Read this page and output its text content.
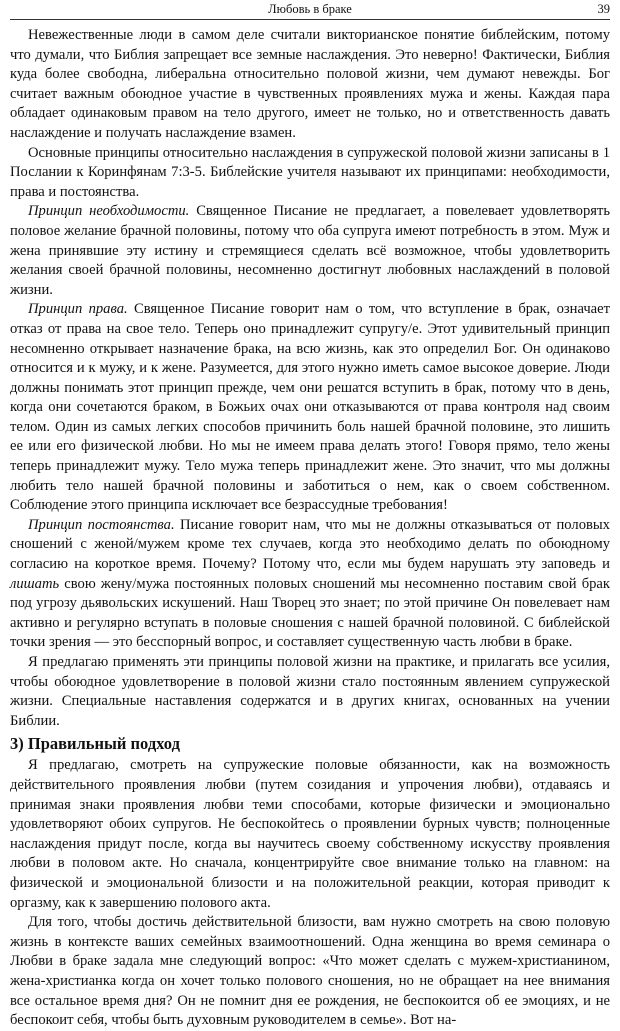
Любовь в браке	39

Невежественные люди в самом деле считали викторианское понятие библейским, потому что думали, что Библия запрещает все земные наслаждения. Это неверно! Фактически, Библия куда более свободна, либеральна относительно половой жизни, чем думают невежды. Бог считает важным обоюдное участие в чувственных проявлениях мужа и жены. Каждая пара обладает одинаковым правом на тело другого, имеет не только, но и ответственность давать наслаждение и получать наслаждение взамен.

Основные принципы относительно наслаждения в супружеской половой жизни записаны в 1 Послании к Коринфянам 7:3-5. Библейские учителя называют их принципами: необходимости, права и постоянства.

Принцип необходимости. Священное Писание не предлагает, а повелевает удовлетворять половое желание брачной половины, потому что оба супруга имеют потребность в этом. Муж и жена принявшие эту истину и стремящиеся сделать всё возможное, чтобы удовлетворить желания своей брачной половины, несомненно достигнут любовных наслаждений в половой жизни.

Принцип права. Священное Писание говорит нам о том, что вступление в брак, означает отказ от права на свое тело. Теперь оно принадлежит супругу/е. Этот удивительный принцип несомненно открывает назначение брака, на всю жизнь, как это определил Бог. Он одинаково относится и к мужу, и к жене. Разумеется, для этого нужно иметь самое высокое доверие. Люди должны понимать этот принцип прежде, чем они решатся вступить в брак, потому что в день, когда они сочетаются браком, в Божьих очах они отказываются от права контроля над своим телом. Один из самых легких способов причинить боль нашей брачной половине, это лишить ее или его физической любви. Но мы не имеем права делать этого! Говоря прямо, тело жены теперь принадлежит мужу. Тело мужа теперь принадлежит жене. Это значит, что мы должны любить тело нашей брачной половины и заботиться о нем, как о своем собственном. Соблюдение этого принципа исключает все безрассудные требования!

Принцип постоянства. Писание говорит нам, что мы не должны отказываться от половых сношений с женой/мужем кроме тех случаев, когда это необходимо делать по обоюдному согласию на короткое время. Почему? Потому что, если мы будем нарушать эту заповедь и лишать свою жену/мужа постоянных половых сношений мы несомненно поставим свой брак под угрозу дьявольских искушений. Наш Творец это знает; по этой причине Он повелевает нам активно и регулярно вступать в половые сношения с нашей брачной половиной. С библейской точки зрения — это бесспорный вопрос, и составляет существенную часть любви в браке.

Я предлагаю применять эти принципы половой жизни на практике, и прилагать все усилия, чтобы обоюдное удовлетворение в половой жизни стало постоянным явлением супружеской жизни. Специальные наставления содержатся и в других книгах, основанных на учении Библии.

3) Правильный подход

Я предлагаю, смотреть на супружеские половые обязанности, как на возможность действительного проявления любви (путем созидания и упрочения любви), отдаваясь и принимая знаки проявления любви теми способами, которые физически и эмоционально удовлетворяют обоих супругов. Не беспокойтесь о проявлении бурных чувств; полноценные наслаждения придут после, когда вы научитесь своему собственному искусству проявления любви в половом акте. Но сначала, концентрируйте свое внимание только на главном: на физической и эмоциональной близости и на положительной реакции, которая приводит к оргазму, как к завершению полового акта.

Для того, чтобы достичь действительной близости, вам нужно смотреть на свою половую жизнь в контексте ваших семейных взаимоотношений. Одна женщина во время семинара о Любви в браке задала мне следующий вопрос: «Что может сделать с мужем-христианином, жена-христианка когда он хочет только полового сношения, но не обращает на нее внимания все остальное время дня? Он не помнит дня ее рождения, не беспокоится об ее эмоциях, и не беспокоит себя, чтобы быть духовным руководителем в семье». Вот на-
